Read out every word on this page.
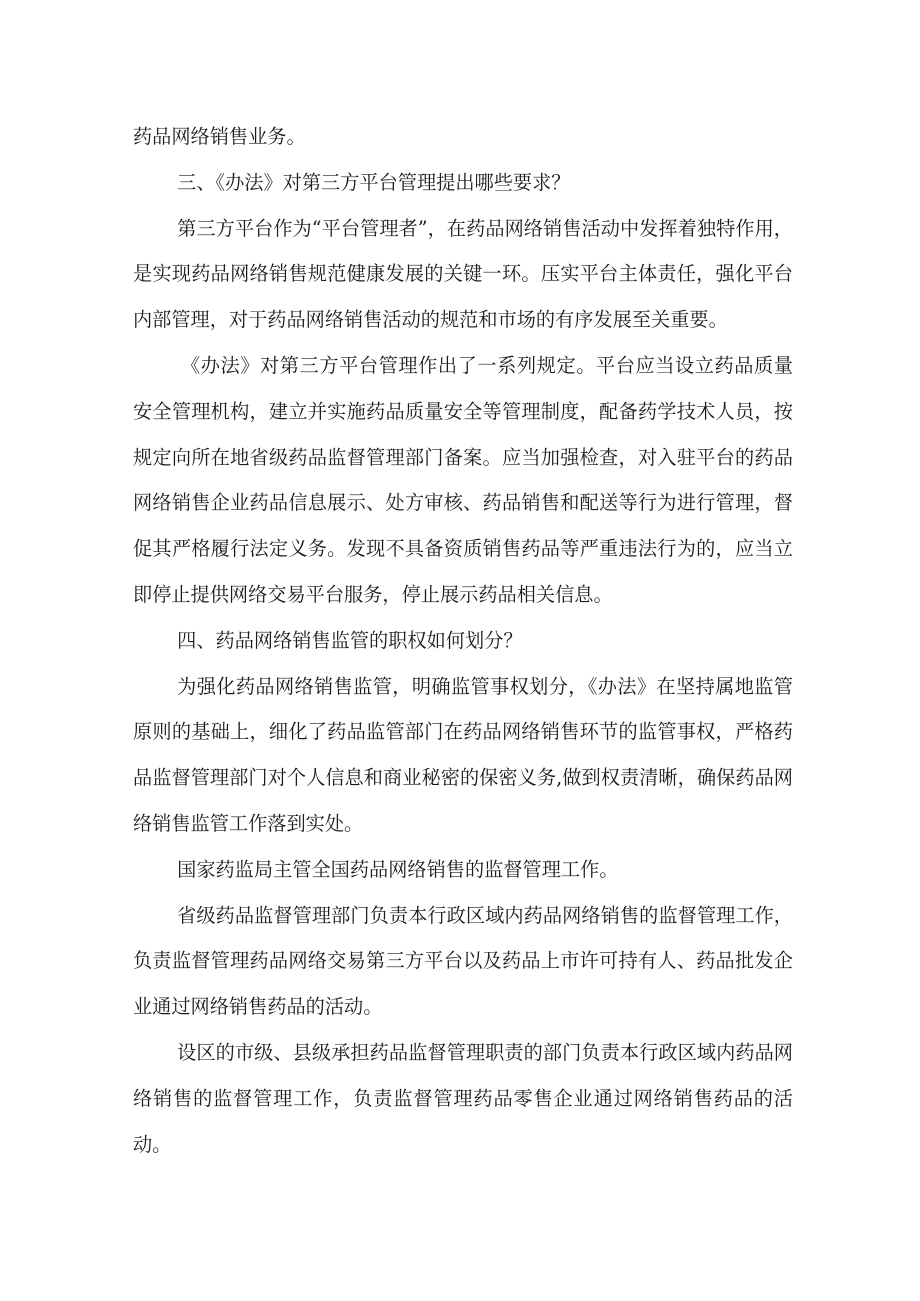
药品网络销售业务。

三、《办法》对第三方平台管理提出哪些要求？

第三方平台作为“平台管理者”，在药品网络销售活动中发挥着独特作用，是实现药品网络销售规范健康发展的关键一环。压实平台主体责任，强化平台内部管理，对于药品网络销售活动的规范和市场的有序发展至关重要。

《办法》对第三方平台管理作出了一系列规定。平台应当设立药品质量安全管理机构，建立并实施药品质量安全等管理制度，配备药学技术人员，按规定向所在地省级药品监督管理部门备案。应当加强检查，对入驻平台的药品网络销售企业药品信息展示、处方审核、药品销售和配送等行为进行管理，督促其严格履行法定义务。发现不具备资质销售药品等严重违法行为的，应当立即停止提供网络交易平台服务，停止展示药品相关信息。

四、药品网络销售监管的职权如何划分？

为强化药品网络销售监管，明确监管事权划分，《办法》在坚持属地监管原则的基础上，细化了药品监管部门在药品网络销售环节的监管事权，严格药品监督管理部门对个人信息和商业秘密的保密义务,做到权责清晰，确保药品网络销售监管工作落到实处。

国家药监局主管全国药品网络销售的监督管理工作。

省级药品监督管理部门负责本行政区域内药品网络销售的监督管理工作，负责监督管理药品网络交易第三方平台以及药品上市许可持有人、药品批发企业通过网络销售药品的活动。

设区的市级、县级承担药品监督管理职责的部门负责本行政区域内药品网络销售的监督管理工作，负责监督管理药品零售企业通过网络销售药品的活动。
